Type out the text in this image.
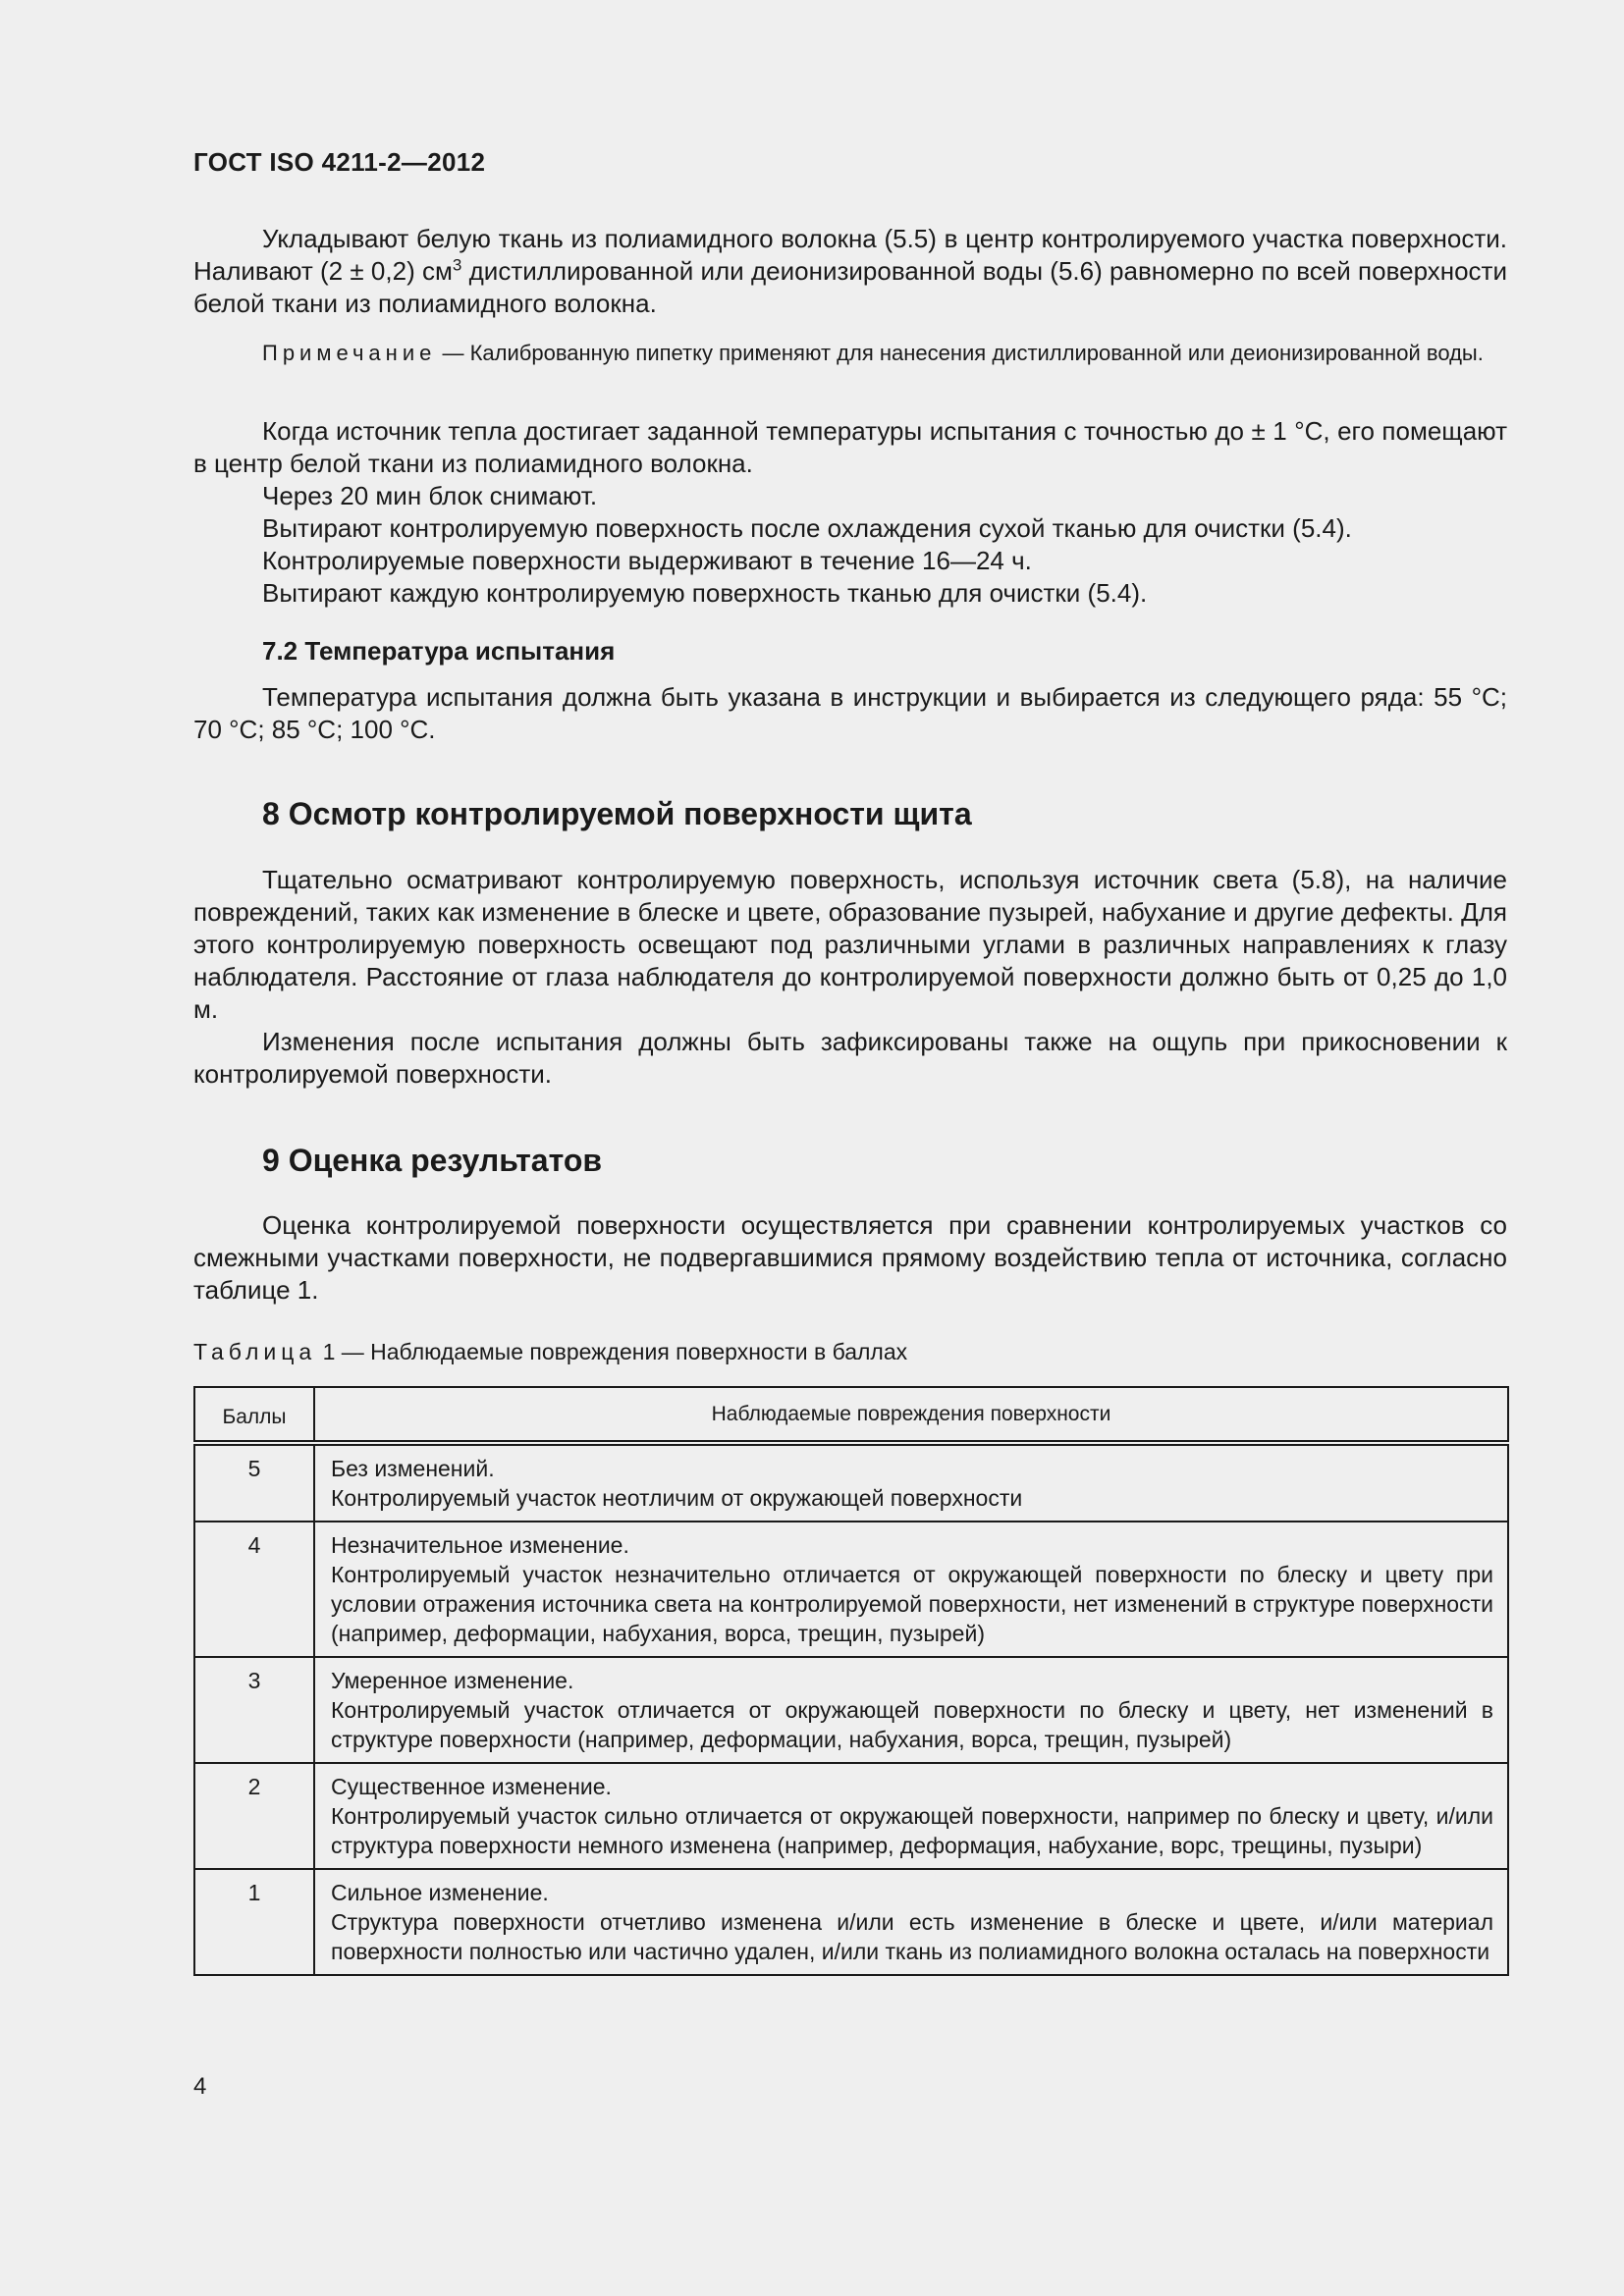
ГОСТ ISO 4211-2—2012

Укладывают белую ткань из полиамидного волокна (5.5) в центр контролируемого участка поверхности. Наливают (2 ± 0,2) $см^3$ дистиллированной или деионизированной воды (5.6) равномерно по всей поверхности белой ткани из полиамидного волокна.

Примечание — Калиброванную пипетку применяют для нанесения дистиллированной или деионизированной воды.

Когда источник тепла достигает заданной температуры испытания с точностью до ± 1 °C, его помещают в центр белой ткани из полиамидного волокна.

Через 20 мин блок снимают.

Вытирают контролируемую поверхность после охлаждения сухой тканью для очистки (5.4).

Контролируемые поверхности выдерживают в течение 16—24 ч.

Вытирают каждую контролируемую поверхность тканью для очистки (5.4).

7.2 Температура испытания

Температура испытания должна быть указана в инструкции и выбирается из следующего ряда: 55 °C; 70 °C; 85 °C; 100 °C.

8 Осмотр контролируемой поверхности щита

Тщательно осматривают контролируемую поверхность, используя источник света (5.8), на наличие повреждений, таких как изменение в блеске и цвете, образование пузырей, набухание и другие дефекты. Для этого контролируемую поверхность освещают под различными углами в различных направлениях к глазу наблюдателя. Расстояние от глаза наблюдателя до контролируемой поверхности должно быть от 0,25 до 1,0 м.

Изменения после испытания должны быть зафиксированы также на ощупь при прикосновении к контролируемой поверхности.

9 Оценка результатов

Оценка контролируемой поверхности осуществляется при сравнении контролируемых участков со смежными участками поверхности, не подвергавшимися прямому воздействию тепла от источника, согласно таблице 1.

Таблица 1 — Наблюдаемые повреждения поверхности в баллах
Баллы	Наблюдаемые повреждения поверхности
5	Без изменений.
Контролируемый участок неотличим от окружающей поверхности

4	Незначительное изменение.
Контролируемый участок незначительно отличается от окружающей поверхности по блеску и цвету при условии отражения источника света на контролируемой поверхности, нет изменений в структуре поверхности (например, деформации, набухания, ворса, трещин, пузырей)

3	Умеренное изменение.
Контролируемый участок отличается от окружающей поверхности по блеску и цвету, нет изменений в структуре поверхности (например, деформации, набухания, ворса, трещин, пузырей)

2	Существенное изменение.
Контролируемый участок сильно отличается от окружающей поверхности, например по блеску и цвету, и/или структура поверхности немного изменена (например, деформация, набухание, ворс, трещины, пузыри)

1	Сильное изменение.
Структура поверхности отчетливо изменена и/или есть изменение в блеске и цвете, и/или материал поверхности полностью или частично удален, и/или ткань из полиамидного волокна осталась на поверхности
4
